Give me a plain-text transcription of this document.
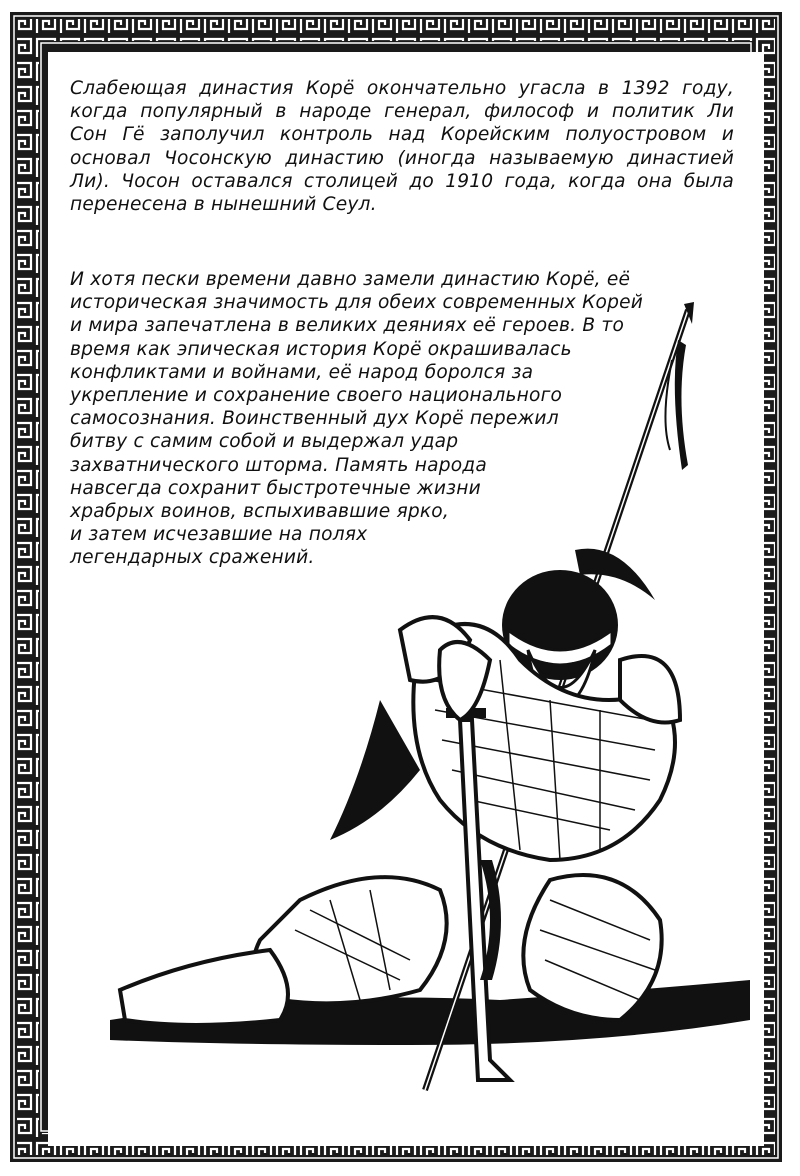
Слабеющая династия Корё окончательно угасла в 1392 году,
когда популярный в народе генерал, философ и политик Ли
Сон Гё заполучил контроль над Корейским полуостровом и
основал Чосонскую династию (иногда называемую династией
Ли). Чосон оставался столицей до 1910 года, когда она была
перенесена в нынешний Сеул.
И хотя пески времени давно замели династию Корё, её
историческая значимость для обеих современных Корей
и мира запечатлена в великих деяниях её героев. В то
время как эпическая история Корё окрашивалась
конфликтами и войнами, её народ боролся за
укрепление и сохранение своего национального
самосознания. Воинственный дух Корё пережил
битву с самим собой и выдержал удар
захватнического шторма. Память народа
навсегда сохранит быстротечные жизни
храбрых воинов, вспыхивавшие ярко,
и затем исчезавшие на полях
легендарных сражений.
